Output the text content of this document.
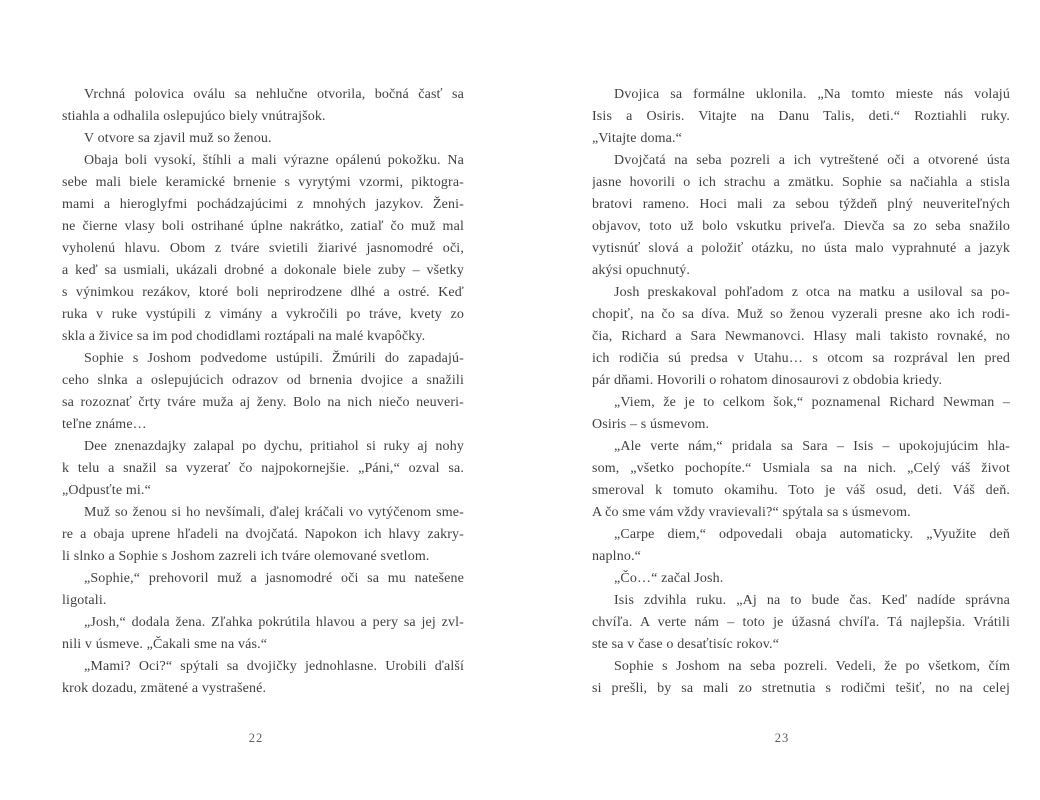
Vrchná polovica oválu sa nehlučne otvorila, bočná časť sa
stiahla a odhalila oslepujúco biely vnútrajšok.
V otvore sa zjavil muž so ženou.
Obaja boli vysokí, štíhli a mali výrazne opálenú pokožku. Na
sebe mali biele keramické brnenie s vyrytými vzormi, piktogra-
mami a hieroglyfmi pochádzajúcimi z mnohých jazykov. Ženi-
ne čierne vlasy boli ostrihané úplne nakrátko, zatiaľ čo muž mal
vyholenú hlavu. Obom z tváre svietili žiarivé jasnomodré oči,
a keď sa usmiali, ukázali drobné a dokonale biele zuby – všetky
s výnimkou rezákov, ktoré boli neprirodzene dlhé a ostré. Keď
ruka v ruke vystúpili z vimány a vykročili po tráve, kvety zo
skla a živice sa im pod chodidlami roztápali na malé kvapôčky.
Sophie s Joshom podvedome ustúpili. Žmúrili do zapadajú-
ceho slnka a oslepujúcich odrazov od brnenia dvojice a snažili
sa rozoznať črty tváre muža aj ženy. Bolo na nich niečo neuveri-
teľne známe…
Dee znenazdajky zalapal po dychu, pritiahol si ruky aj nohy
k telu a snažil sa vyzerať čo najpokornejšie. „Páni,“ ozval sa.
„Odpusťte mi.“
Muž so ženou si ho nevšímali, ďalej kráčali vo vytýčenom sme-
re a obaja uprene hľadeli na dvojčatá. Napokon ich hlavy zakry-
li slnko a Sophie s Joshom zazreli ich tváre olemované svetlom.
„Sophie,“ prehovoril muž a jasnomodré oči sa mu natešene
ligotali.
„Josh,“ dodala žena. Zľahka pokrútila hlavou a pery sa jej zvl-
nili v úsmeve. „Čakali sme na vás.“
„Mami? Oci?“ spýtali sa dvojičky jednohlasne. Urobili ďalší
krok dozadu, zmätené a vystrašené.
Dvojica sa formálne uklonila. „Na tomto mieste nás volajú
Isis a Osiris. Vitajte na Danu Talis, deti.“ Roztiahli ruky.
„Vitajte doma.“
Dvojčatá na seba pozreli a ich vytreštené oči a otvorené ústa
jasne hovorili o ich strachu a zmätku. Sophie sa načiahla a stisla
bratovi rameno. Hoci mali za sebou týždeň plný neuveriteľných
objavov, toto už bolo vskutku priveľa. Dievča sa zo seba snažilo
vytisnúť slová a položiť otázku, no ústa malo vyprahnuté a jazyk
akýsi opuchnutý.
Josh preskakoval pohľadom z otca na matku a usiloval sa po-
chopiť, na čo sa díva. Muž so ženou vyzerali presne ako ich rodi-
čia, Richard a Sara Newmanovci. Hlasy mali takisto rovnaké, no
ich rodičia sú predsa v Utahu… s otcom sa rozprával len pred
pár dňami. Hovorili o rohatom dinosaurovi z obdobia kriedy.
„Viem, že je to celkom šok,“ poznamenal Richard Newman –
Osiris – s úsmevom.
„Ale verte nám,“ pridala sa Sara – Isis – upokojujúcim hla-
som, „všetko pochopíte.“ Usmiala sa na nich. „Celý váš život
smeroval k tomuto okamihu. Toto je váš osud, deti. Váš deň.
A čo sme vám vždy vravievali?“ spýtala sa s úsmevom.
„Carpe diem,“ odpovedali obaja automaticky. „Využite deň
naplno.“
„Čo…“ začal Josh.
Isis zdvihla ruku. „Aj na to bude čas. Keď nadíde správna
chvíľa. A verte nám – toto je úžasná chvíľa. Tá najlepšia. Vrátili
ste sa v čase o desaťtisíc rokov.“
Sophie s Joshom na seba pozreli. Vedeli, že po všetkom, čím
si prešli, by sa mali zo stretnutia s rodičmi tešiť, no na celej
22	23
